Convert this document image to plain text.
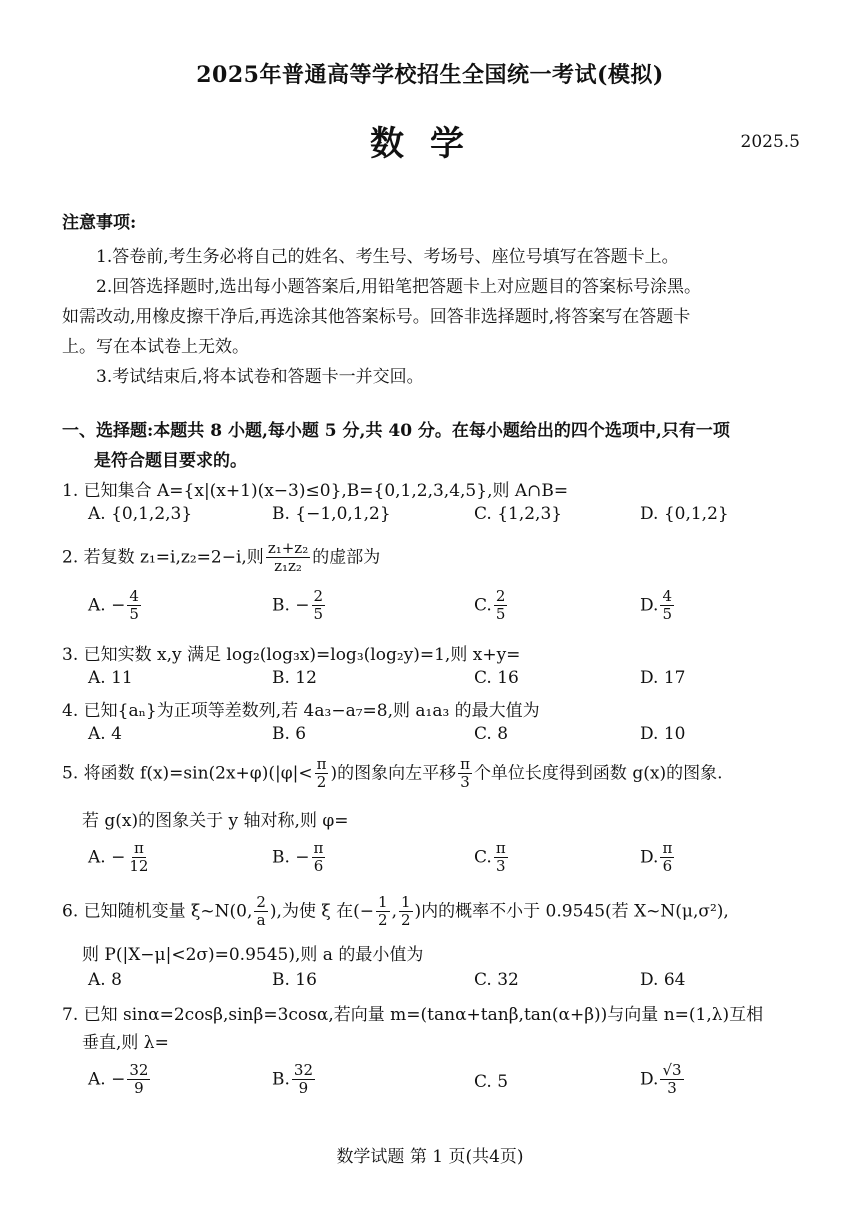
2025年普通高等学校招生全国统一考试(模拟)
数学	2025.5
注意事项:
1.答卷前,考生务必将自己的姓名、考生号、考场号、座位号填写在答题卡上。
2.回答选择题时,选出每小题答案后,用铅笔把答题卡上对应题目的答案标号涂黑。
如需改动,用橡皮擦干净后,再选涂其他答案标号。回答非选择题时,将答案写在答题卡
上。写在本试卷上无效。
3.考试结束后,将本试卷和答题卡一并交回。
一、选择题:本题共 8 小题,每小题 5 分,共 40 分。在每小题给出的四个选项中,只有一项
是符合题目要求的。
1. 已知集合 A={x|(x+1)(x−3)≤0},B={0,1,2,3,4,5},则 A∩B=
A. {0,1,2,3}	B. {−1,0,1,2}	C. {1,2,3}	D. {0,1,2}
2. 若复数 z₁=i,z₂=2−i,则 $\frac{\text{z₁+z₂}}{\text{z₁z₂}}$ 的虚部为
A. − $\frac{4}{5}$	B. − $\frac{2}{5}$	C. $\frac{2}{5}$	D. $\frac{4}{5}$
3. 已知实数 x,y 满足 log₂(log₃x)=log₃(log₂y)=1,则 x+y=
A. 11	B. 12	C. 16	D. 17
4. 已知{aₙ}为正项等差数列,若 4a₃−a₇=8,则 a₁a₃ 的最大值为
A. 4	B. 6	C. 8	D. 10
5. 将函数 $f(x)=\sin(2x+\varphi)(|\varphi|< \frac{\pi}{2}$ )的图象向左平移 $\frac{\pi}{3}$ 个单位长度得到函数 g(x)的图象.
若 g(x)的图象关于 y 轴对称,则 φ=
A. − $\frac{\pi}{12}$	B. − $\frac{\pi}{6}$	C. $\frac{\pi}{3}$	D. $\frac{\pi}{6}$
6. 已知随机变量 ξ~N(0, $\frac{2}{a}$ ),为使 ξ 在(− $\frac{1}{2}$ , $\frac{1}{2}$ )内的概率不小于 0.9545(若 X~N(μ,σ²),
则 P(|X−μ|<2σ)=0.9545),则 a 的最小值为
A. 8	B. 16	C. 32	D. 64
7. 已知 sinα=2cosβ,sinβ=3cosα,若向量 m=(tanα+tanβ,tan(α+β))与向量 n=(1,λ)互相
垂直,则 λ=
A. − $\frac{32}{9}$	B. $\frac{32}{9}$	C. 5	D. $\frac{√3}{3}$
数学试题 第 1 页(共4页)
